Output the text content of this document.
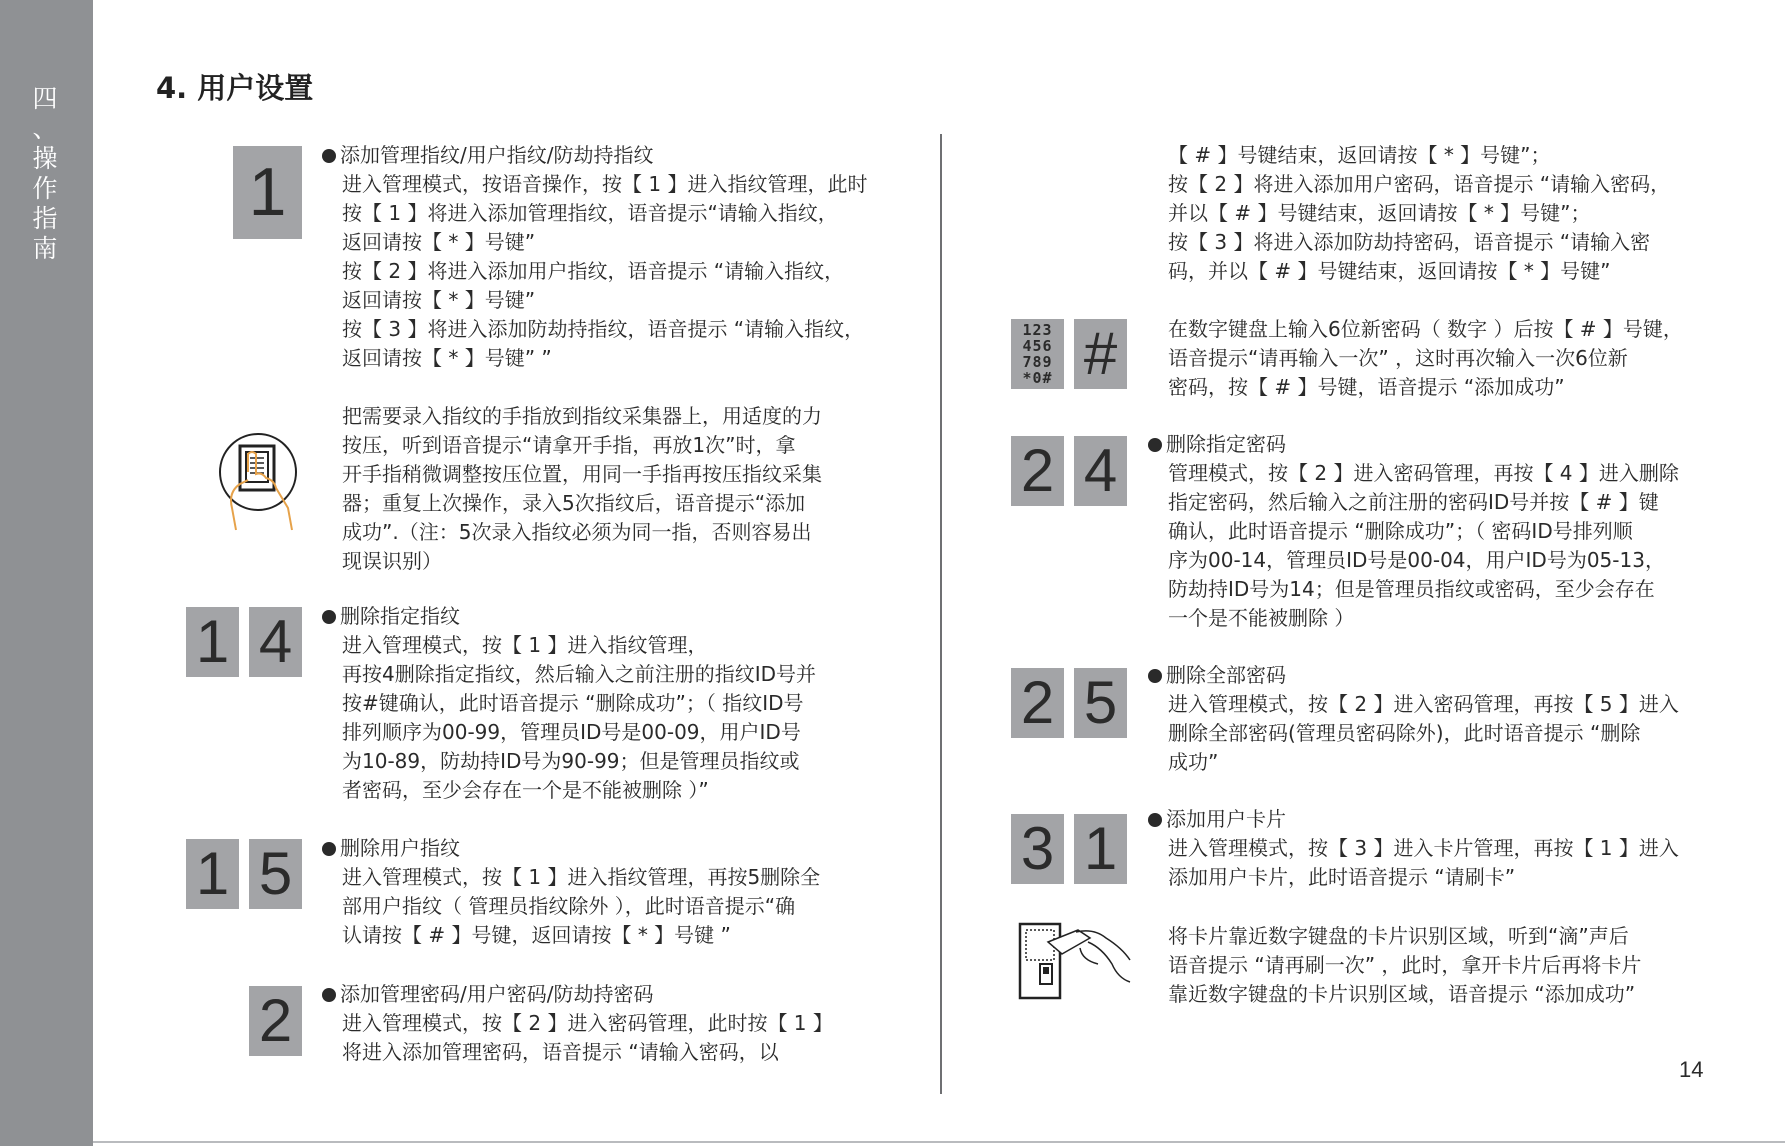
四
、
操
作
指
南
4. 用户设置
1	添加管理指纹/用户指纹/防劫持指纹
进入管理模式，按语音操作，按【 1 】进入指纹管理，此时
按【 1 】将进入添加管理指纹，语音提示“请输入指纹，
返回请按【 * 】号键”
按【 2 】将进入添加用户指纹，语音提示 “请输入指纹，
返回请按【 * 】号键”
按【 3 】将进入添加防劫持指纹，语音提示 “请输入指纹，
返回请按【 * 】号键” ”
把需要录入指纹的手指放到指纹采集器上，用适度的力
按压，听到语音提示“请拿开手指，再放1次”时，拿
开手指稍微调整按压位置，用同一手指再按压指纹采集
器；重复上次操作，录入5次指纹后，语音提示“添加
成功”.（注：5次录入指纹必须为同一指，否则容易出
现误识别）
1 4	删除指定指纹
进入管理模式，按【 1 】进入指纹管理，
再按4删除指定指纹，然后输入之前注册的指纹ID号并
按#键确认，此时语音提示 “删除成功”；（ 指纹ID号
排列顺序为00-99，管理员ID号是00-09，用户ID号
为10-89，防劫持ID号为90-99；但是管理员指纹或
者密码，至少会存在一个是不能被删除 ）”
1 5	删除用户指纹
进入管理模式，按【 1 】进入指纹管理，再按5删除全
部用户指纹（ 管理员指纹除外 ），此时语音提示“确
认请按【 # 】号键，返回请按【 * 】号键 ”
2	添加管理密码/用户密码/防劫持密码
进入管理模式，按【 2 】进入密码管理，此时按【 1 】
将进入添加管理密码，语音提示 “请输入密码，以
【 # 】号键结束，返回请按【 * 】号键”；
按【 2 】将进入添加用户密码，语音提示 “请输入密码，
并以【 # 】号键结束，返回请按【 * 】号键”；
按【 3 】将进入添加防劫持密码，语音提示 “请输入密
码，并以【 # 】号键结束，返回请按【 * 】号键”
123
456
789
*0# #	在数字键盘上输入6位新密码（ 数字 ）后按【 # 】号键，
语音提示“请再输入一次” ，这时再次输入一次6位新
密码，按【 # 】号键，语音提示 “添加成功”
2 4	删除指定密码
管理模式，按【 2 】进入密码管理，再按【 4 】进入删除
指定密码，然后输入之前注册的密码ID号并按【 # 】键
确认，此时语音提示 “删除成功”；（ 密码ID号排列顺
序为00-14，管理员ID号是00-04，用户ID号为05-13，
防劫持ID号为14；但是管理员指纹或密码，至少会存在
一个是不能被删除 ）
2 5	删除全部密码
进入管理模式，按【 2 】进入密码管理，再按【 5 】进入
删除全部密码(管理员密码除外)，此时语音提示 “删除
成功”
3 1	添加用户卡片
进入管理模式，按【 3 】进入卡片管理，再按【 1 】进入
添加用户卡片，此时语音提示 “请刷卡”
将卡片靠近数字键盘的卡片识别区域，听到“滴”声后
语音提示 “请再刷一次” ，此时，拿开卡片后再将卡片
靠近数字键盘的卡片识别区域，语音提示 “添加成功”
14
